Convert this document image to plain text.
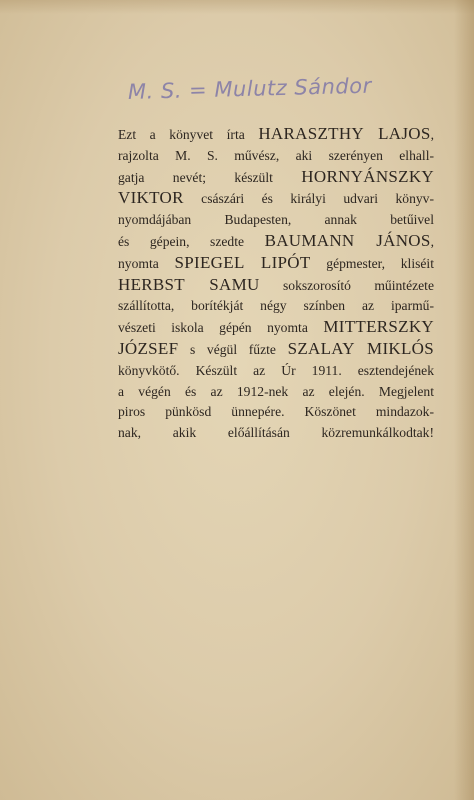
M. S. = Mulutz Sándor
Ezt a könyvet írta HARASZTHY LAJOS,
rajzolta M. S. művész, aki szerényen elhall-
gatja nevét; készült HORNYÁNSZKY
VIKTOR császári és királyi udvari könyv-
nyomdájában Budapesten, annak betűivel
és gépein, szedte BAUMANN JÁNOS,
nyomta SPIEGEL LIPÓT gépmester, kliséit
HERBST SAMU sokszorosító műintézete
szállította, borítékját négy színben az iparmű-
vészeti iskola gépén nyomta MITTERSZKY
JÓZSEF s végül fűzte SZALAY MIKLÓS
könyvkötő. Készült az Úr 1911. esztendejének
a végén és az 1912-nek az elején. Megjelent
piros pünkösd ünnepére. Köszönet mindazok-
nak, akik előállításán közremunkálkodtak!
